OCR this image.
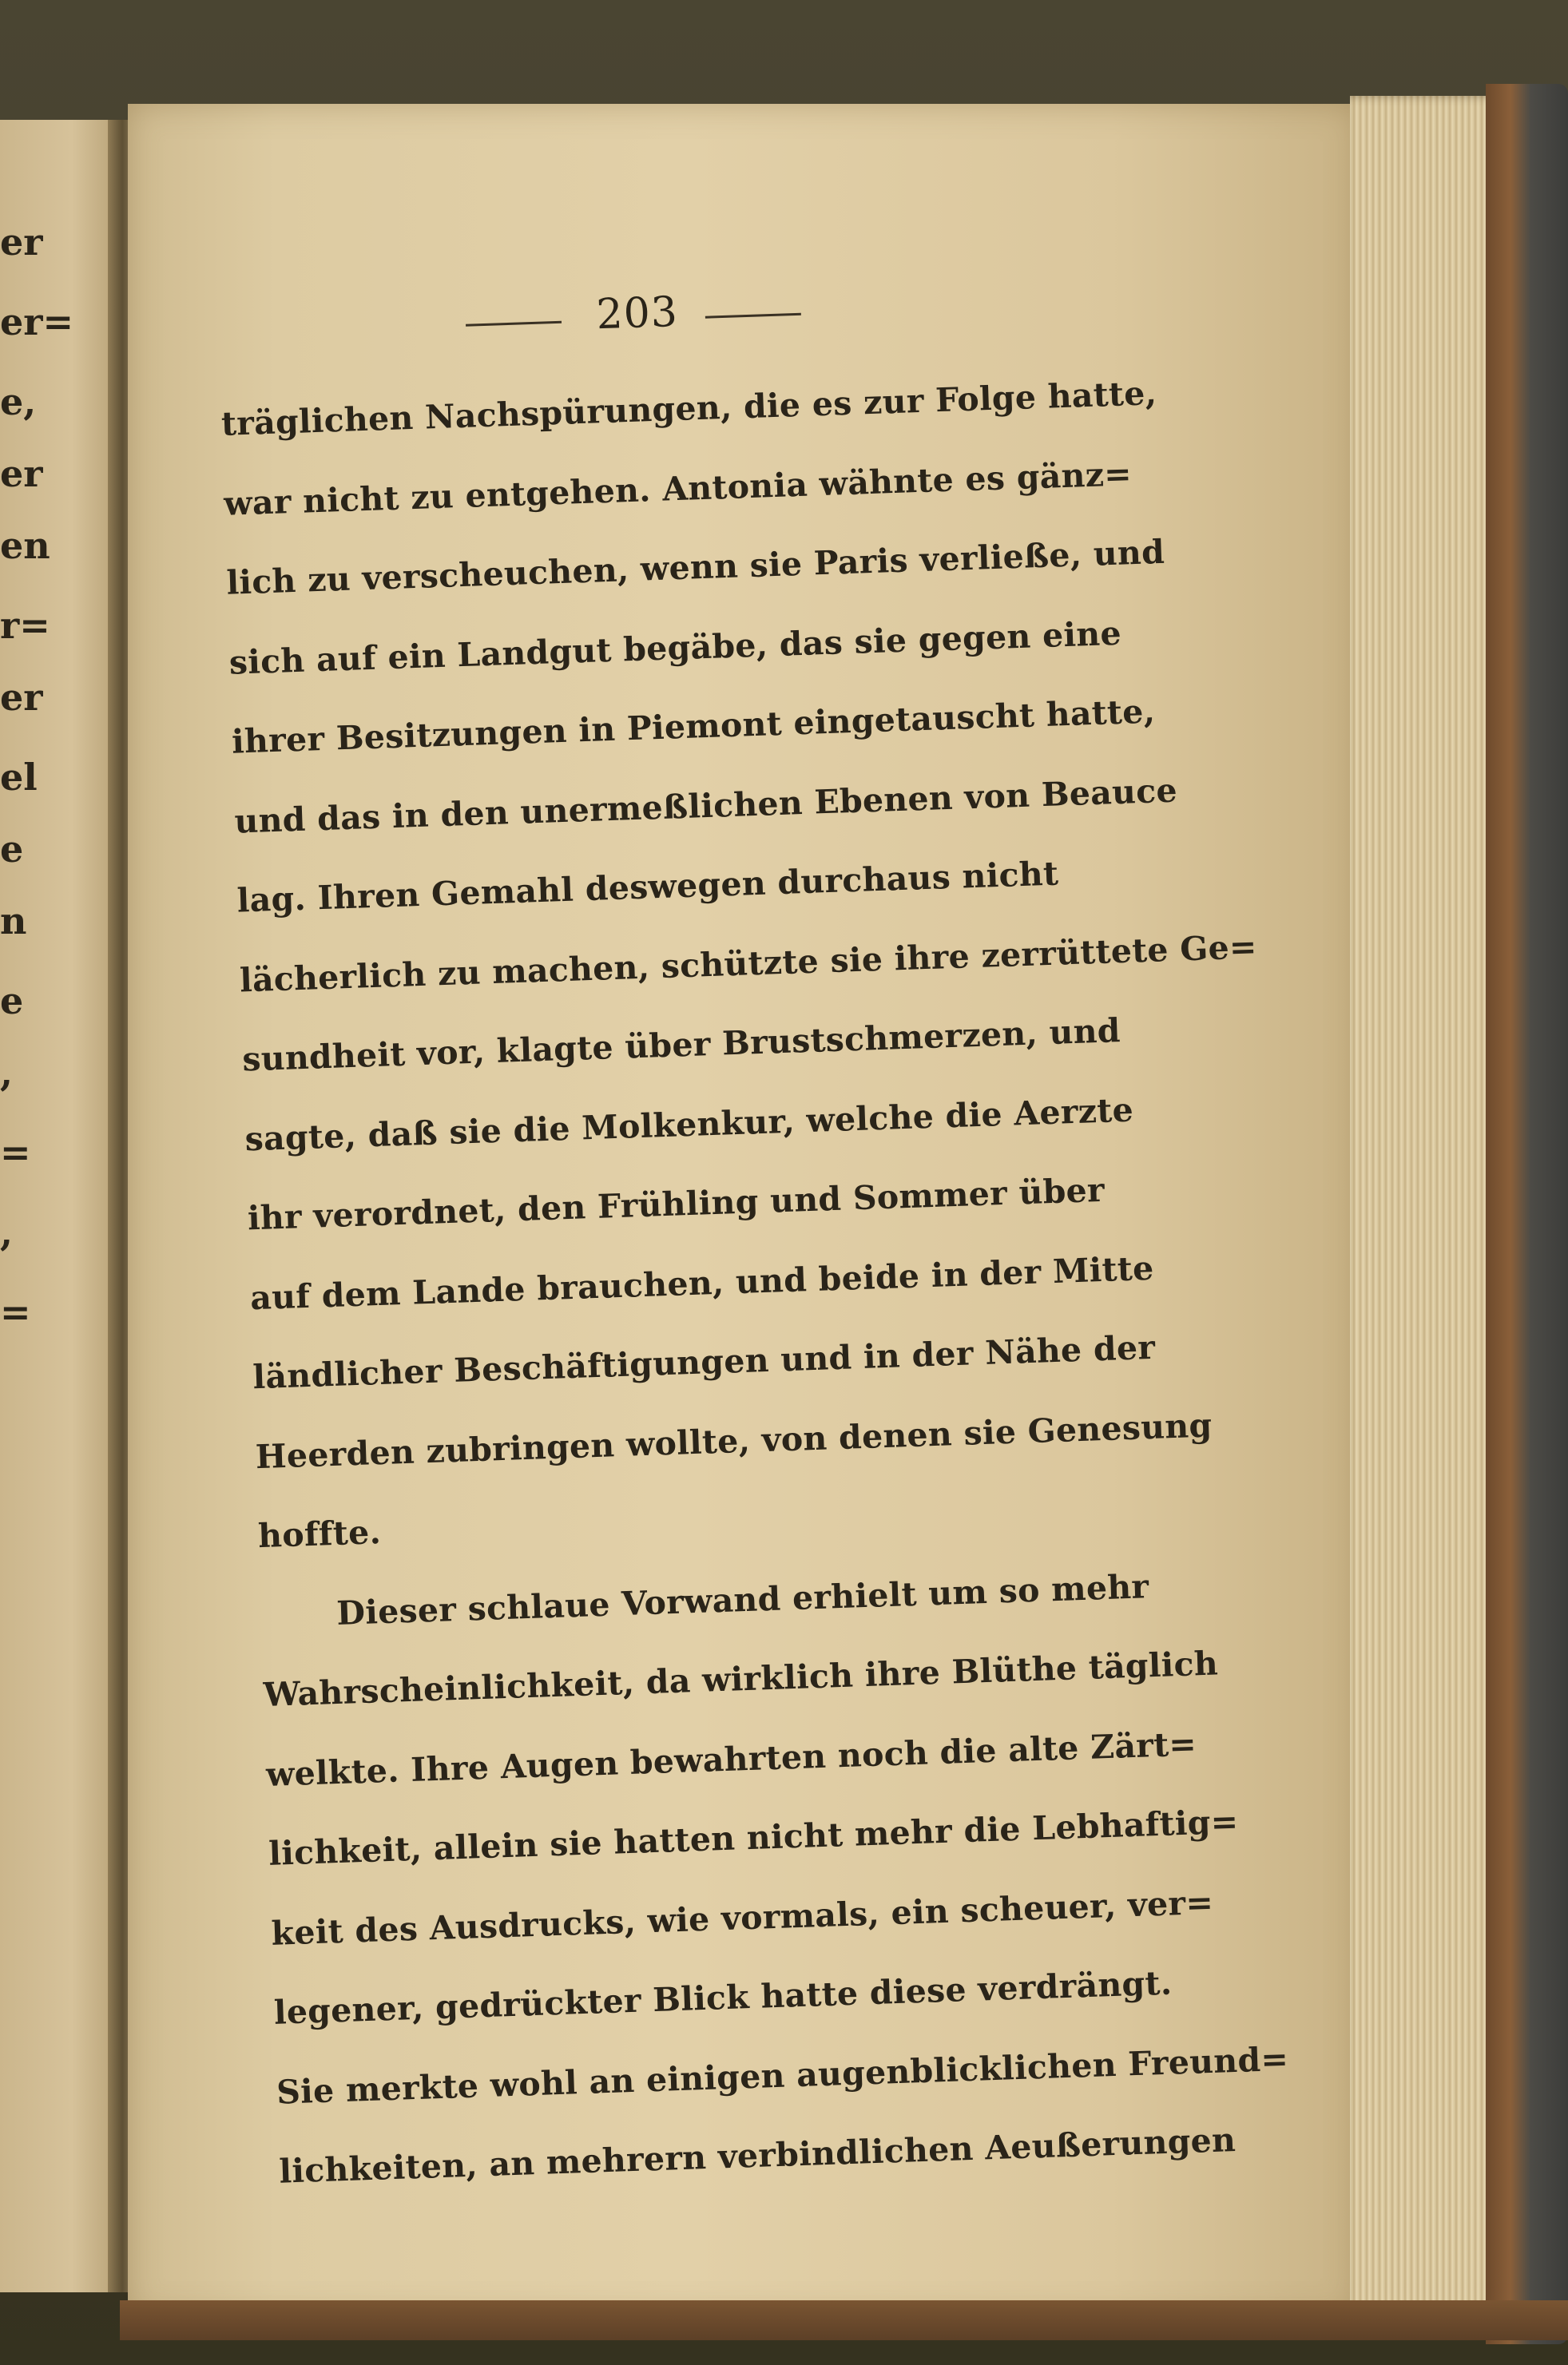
er
er=
e,
er
en
r=
er
el
e
n
e
,
=
,
=
203
träglichen Nachspürungen, die es zur Folge hatte,
war nicht zu entgehen. Antonia wähnte es gänz=
lich zu verscheuchen, wenn sie Paris verließe, und
sich auf ein Landgut begäbe, das sie gegen eine
ihrer Besitzungen in Piemont eingetauscht hatte,
und das in den unermeßlichen Ebenen von Beauce
lag. Ihren Gemahl deswegen durchaus nicht
lächerlich zu machen, schützte sie ihre zerrüttete Ge=
sundheit vor, klagte über Brustschmerzen, und
sagte, daß sie die Molkenkur, welche die Aerzte
ihr verordnet, den Frühling und Sommer über
auf dem Lande brauchen, und beide in der Mitte
ländlicher Beschäftigungen und in der Nähe der
Heerden zubringen wollte, von denen sie Genesung
hoffte.
Dieser schlaue Vorwand erhielt um so mehr
Wahrscheinlichkeit, da wirklich ihre Blüthe täglich
welkte. Ihre Augen bewahrten noch die alte Zärt=
lichkeit, allein sie hatten nicht mehr die Lebhaftig=
keit des Ausdrucks, wie vormals, ein scheuer, ver=
legener, gedrückter Blick hatte diese verdrängt.
Sie merkte wohl an einigen augenblicklichen Freund=
lichkeiten, an mehrern verbindlichen Aeußerungen
